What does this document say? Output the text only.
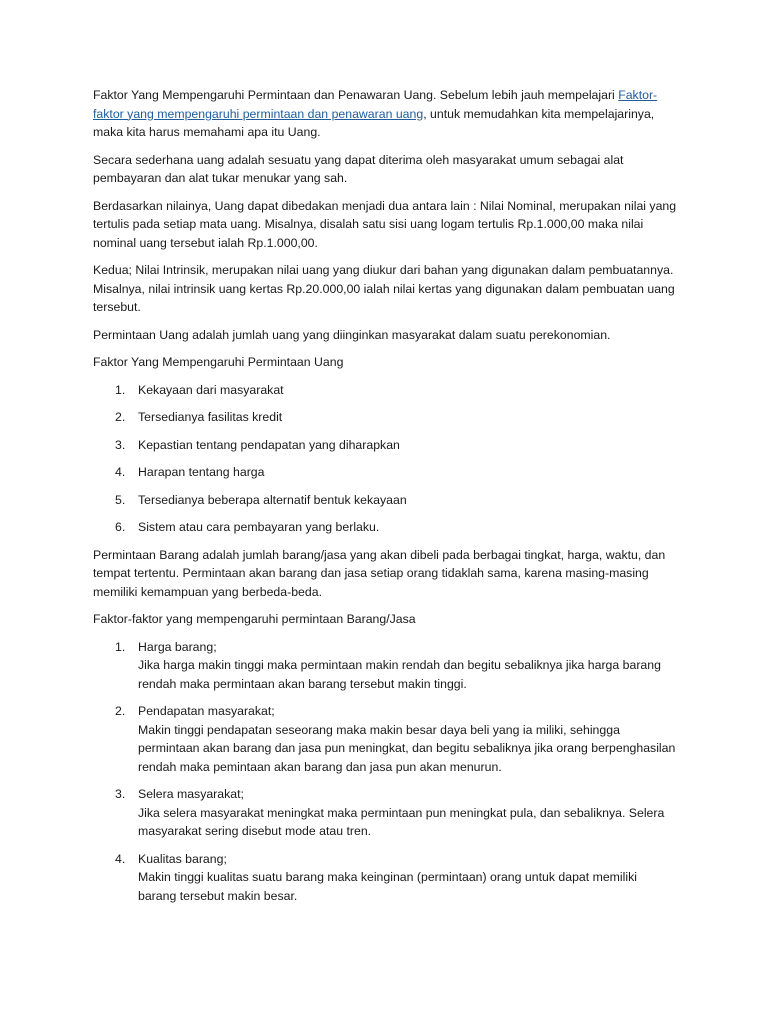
Faktor Yang Mempengaruhi Permintaan dan Penawaran Uang. Sebelum lebih jauh mempelajari Faktor-faktor yang mempengaruhi permintaan dan penawaran uang, untuk memudahkan kita mempelajarinya, maka kita harus memahami apa itu Uang.

Secara sederhana uang adalah sesuatu yang dapat diterima oleh masyarakat umum sebagai alat pembayaran dan alat tukar menukar yang sah.

Berdasarkan nilainya, Uang dapat dibedakan menjadi dua antara lain : Nilai Nominal, merupakan nilai yang tertulis pada setiap mata uang. Misalnya, disalah satu sisi uang logam tertulis Rp.1.000,00 maka nilai nominal uang tersebut ialah Rp.1.000,00.

Kedua; Nilai Intrinsik, merupakan nilai uang yang diukur dari bahan yang digunakan dalam pembuatannya. Misalnya, nilai intrinsik uang kertas Rp.20.000,00 ialah nilai kertas yang digunakan dalam pembuatan uang tersebut.

Permintaan Uang adalah jumlah uang yang diinginkan masyarakat dalam suatu perekonomian.

Faktor Yang Mempengaruhi Permintaan Uang

1. Kekayaan dari masyarakat
2. Tersedianya fasilitas kredit
3. Kepastian tentang pendapatan yang diharapkan
4. Harapan tentang harga
5. Tersedianya beberapa alternatif bentuk kekayaan
6. Sistem atau cara pembayaran yang berlaku.

Permintaan Barang adalah jumlah barang/jasa yang akan dibeli pada berbagai tingkat, harga, waktu, dan tempat tertentu. Permintaan akan barang dan jasa setiap orang tidaklah sama, karena masing-masing memiliki kemampuan yang berbeda-beda.

Faktor-faktor yang mempengaruhi permintaan Barang/Jasa

1. Harga barang;
Jika harga makin tinggi maka permintaan makin rendah dan begitu sebaliknya jika harga barang rendah maka permintaan akan barang tersebut makin tinggi.
2. Pendapatan masyarakat;
Makin tinggi pendapatan seseorang maka makin besar daya beli yang ia miliki, sehingga permintaan akan barang dan jasa pun meningkat, dan begitu sebaliknya jika orang berpenghasilan rendah maka pemintaan akan barang dan jasa pun akan menurun.
3. Selera masyarakat;
Jika selera masyarakat meningkat maka permintaan pun meningkat pula, dan sebaliknya. Selera masyarakat sering disebut mode atau tren.
4. Kualitas barang;
Makin tinggi kualitas suatu barang maka keinginan (permintaan) orang untuk dapat memiliki barang tersebut makin besar.
